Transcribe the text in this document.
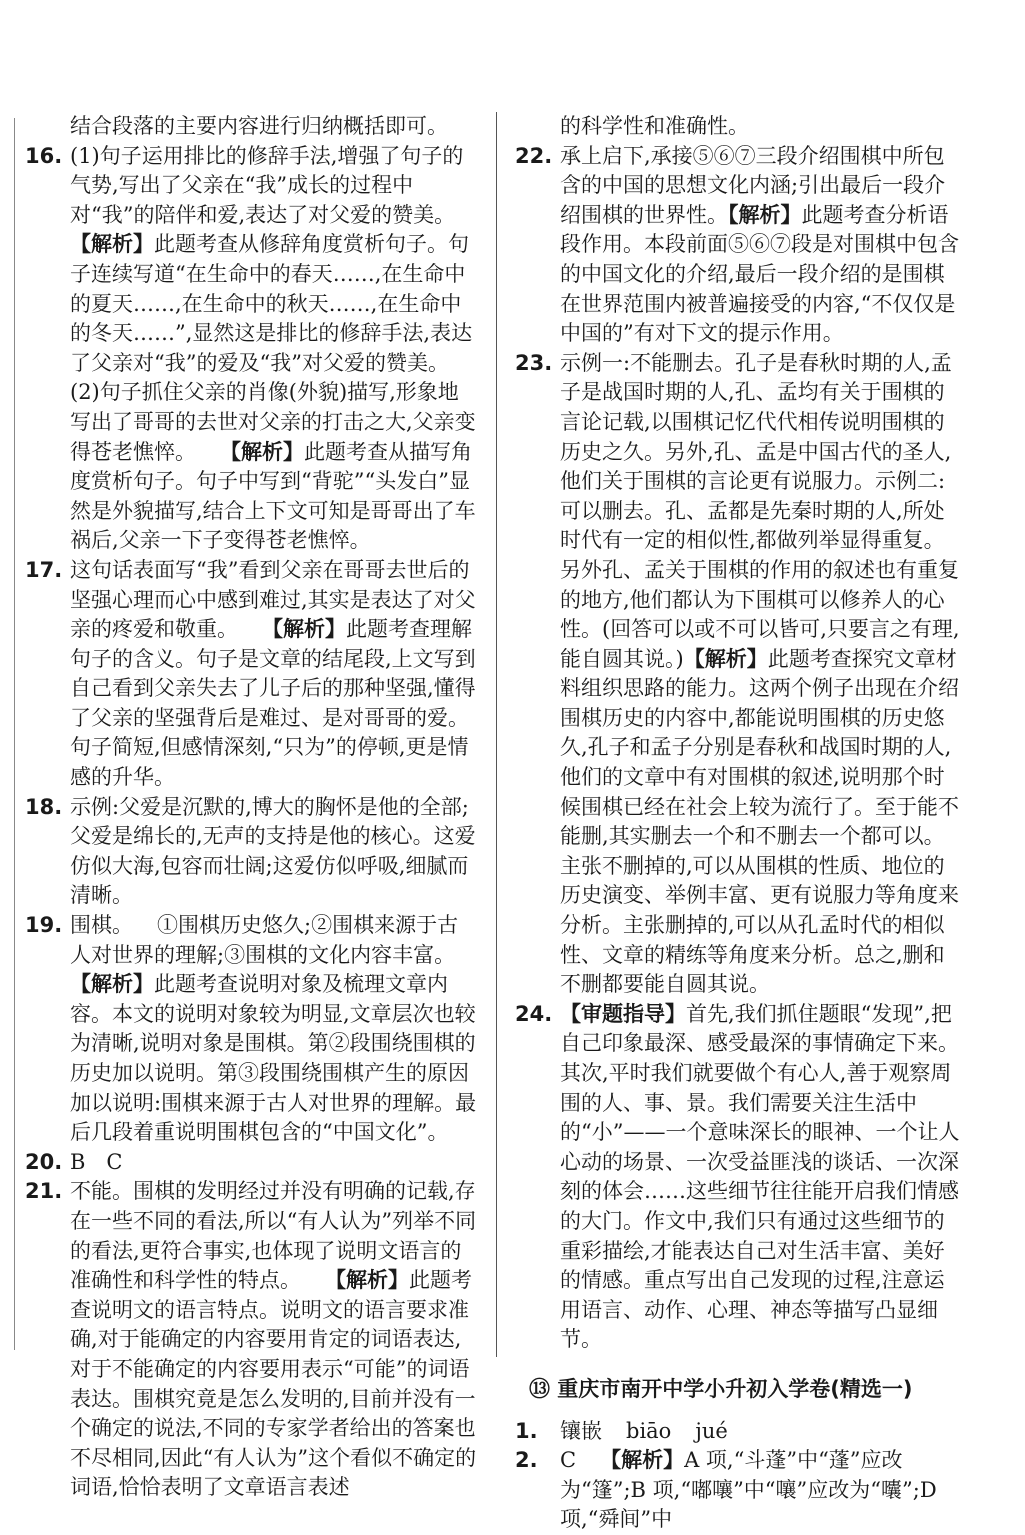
结合段落的主要内容进行归纳概括即可。

16. (1)句子运用排比的修辞手法,增强了句子的气势,写出了父亲在“我”成长的过程中对“我”的陪伴和爱,表达了对父爱的赞美。

【解析】此题考查从修辞角度赏析句子。句子连续写道“在生命中的春天……,在生命中的夏天……,在生命中的秋天……,在生命中的冬天……”,显然这是排比的修辞手法,表达了父亲对“我”的爱及“我”对父爱的赞美。

(2)句子抓住父亲的肖像(外貌)描写,形象地写出了哥哥的去世对父亲的打击之大,父亲变得苍老憔悴。 【解析】此题考查从描写角度赏析句子。句子中写到“背驼”“头发白”显然是外貌描写,结合上下文可知是哥哥出了车祸后,父亲一下子变得苍老憔悴。

17. 这句话表面写“我”看到父亲在哥哥去世后的坚强心理而心中感到难过,其实是表达了对父亲的疼爱和敬重。 【解析】此题考查理解句子的含义。句子是文章的结尾段,上文写到自己看到父亲失去了儿子后的那种坚强,懂得了父亲的坚强背后是难过、是对哥哥的爱。句子简短,但感情深刻,“只为”的停顿,更是情感的升华。

18. 示例:父爱是沉默的,博大的胸怀是他的全部;父爱是绵长的,无声的支持是他的核心。这爱仿似大海,包容而壮阔;这爱仿似呼吸,细腻而清晰。

19. 围棋。 ①围棋历史悠久;②围棋来源于古人对世界的理解;③围棋的文化内容丰富。

【解析】此题考查说明对象及梳理文章内容。本文的说明对象较为明显,文章层次也较为清晰,说明对象是围棋。第②段围绕围棋的历史加以说明。第③段围绕围棋产生的原因加以说明:围棋来源于古人对世界的理解。最后几段着重说明围棋包含的“中国文化”。

20. B　C

21. 不能。围棋的发明经过并没有明确的记载,存在一些不同的看法,所以“有人认为”列举不同的看法,更符合事实,也体现了说明文语言的准确性和科学性的特点。 【解析】此题考查说明文的语言特点。说明文的语言要求准确,对于能确定的内容要用肯定的词语表达,对于不能确定的内容要用表示“可能”的词语表达。围棋究竟是怎么发明的,目前并没有一个确定的说法,不同的专家学者给出的答案也不尽相同,因此“有人认为”这个看似不确定的词语,恰恰表明了文章语言表述

的科学性和准确性。

22. 承上启下,承接⑤⑥⑦三段介绍围棋中所包含的中国的思想文化内涵;引出最后一段介绍围棋的世界性。【解析】此题考查分析语段作用。本段前面⑤⑥⑦段是对围棋中包含的中国文化的介绍,最后一段介绍的是围棋在世界范围内被普遍接受的内容,“不仅仅是中国的”有对下文的提示作用。

23. 示例一:不能删去。孔子是春秋时期的人,孟子是战国时期的人,孔、孟均有关于围棋的言论记载,以围棋记忆代代相传说明围棋的历史之久。另外,孔、孟是中国古代的圣人,他们关于围棋的言论更有说服力。示例二:可以删去。孔、孟都是先秦时期的人,所处时代有一定的相似性,都做列举显得重复。另外孔、孟关于围棋的作用的叙述也有重复的地方,他们都认为下围棋可以修养人的心性。(回答可以或不可以皆可,只要言之有理,能自圆其说。)【解析】此题考查探究文章材料组织思路的能力。这两个例子出现在介绍围棋历史的内容中,都能说明围棋的历史悠久,孔子和孟子分别是春秋和战国时期的人,他们的文章中有对围棋的叙述,说明那个时候围棋已经在社会上较为流行了。至于能不能删,其实删去一个和不删去一个都可以。主张不删掉的,可以从围棋的性质、地位的历史演变、举例丰富、更有说服力等角度来分析。主张删掉的,可以从孔孟时代的相似性、文章的精练等角度来分析。总之,删和不删都要能自圆其说。

24. 【审题指导】首先,我们抓住题眼“发现”,把自己印象最深、感受最深的事情确定下来。其次,平时我们就要做个有心人,善于观察周围的人、事、景。我们需要关注生活中的“小”——一个意味深长的眼神、一个让人心动的场景、一次受益匪浅的谈话、一次深刻的体会……这些细节往往能开启我们情感的大门。作文中,我们只有通过这些细节的重彩描绘,才能表达自己对生活丰富、美好的情感。重点写出自己发现的过程,注意运用语言、动作、心理、神态等描写凸显细节。

⑬ 重庆市南开中学小升初入学卷(精选一)
1.	镶嵌 biāo jué

2.	C 【解析】A 项,“斗蓬”中“蓬”应改为“篷”;B 项,“嘟嚷”中“嚷”应改为“囔”;D 项,“舜间”中
